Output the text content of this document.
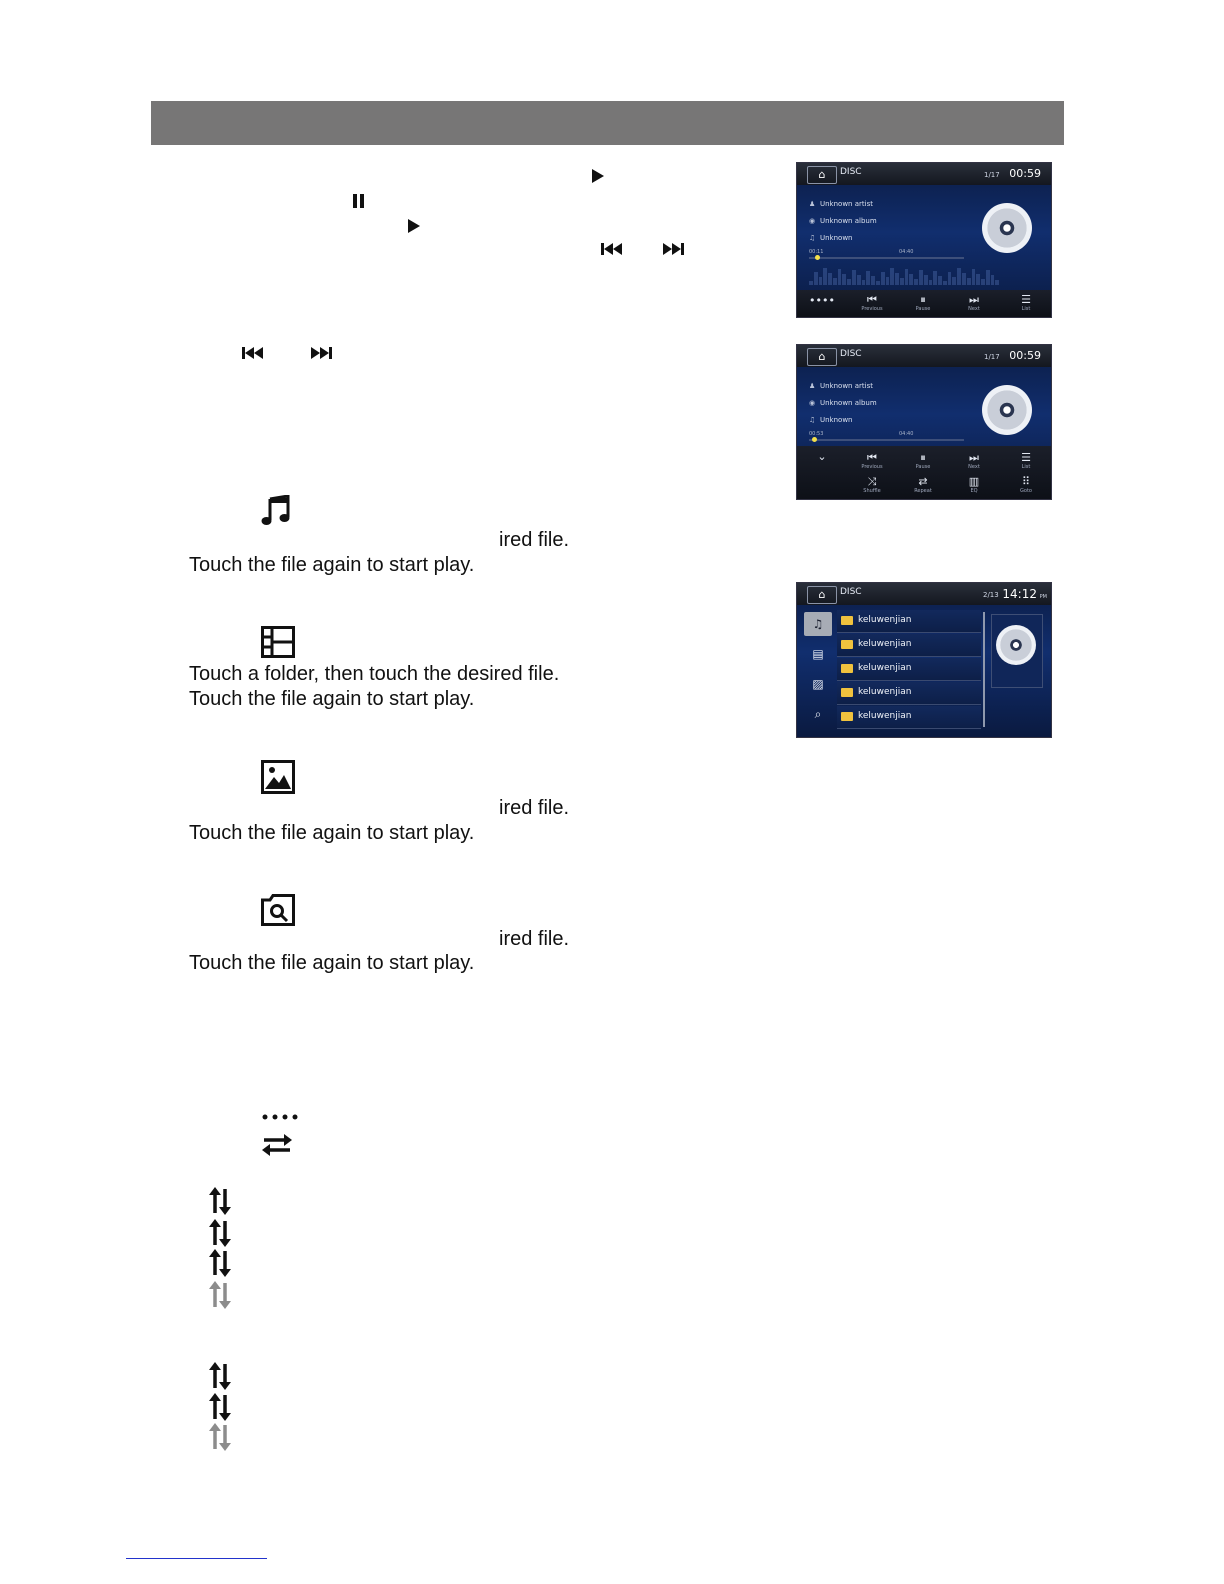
ired file.
Touch the file again to start play.
Touch a folder, then touch the desired file.
Touch the file again to start play.
ired file.
Touch the file again to start play.
ired file.
Touch the file again to start play.
⌂	DISC	1/17 00:59
♟ Unknown artist
◉ Unknown album
♫ Unknown
00:11	04:40
••••	⏮
Previous
⏸
Pause
⏭
Next
☰
List
⌂	DISC	1/17 00:59
♟ Unknown artist
◉ Unknown album
♫ Unknown
00:53	04:40
⌄	⏮
Previous
⏸
Pause
⏭
Next
☰
List
⤨
Shuffle
⇄
Repeat
▥
EQ
⠿
Goto
⌂	DISC	2/13 14:12 PM
♫
▤
▨
⌕
keluwenjian
keluwenjian
keluwenjian
keluwenjian
keluwenjian
